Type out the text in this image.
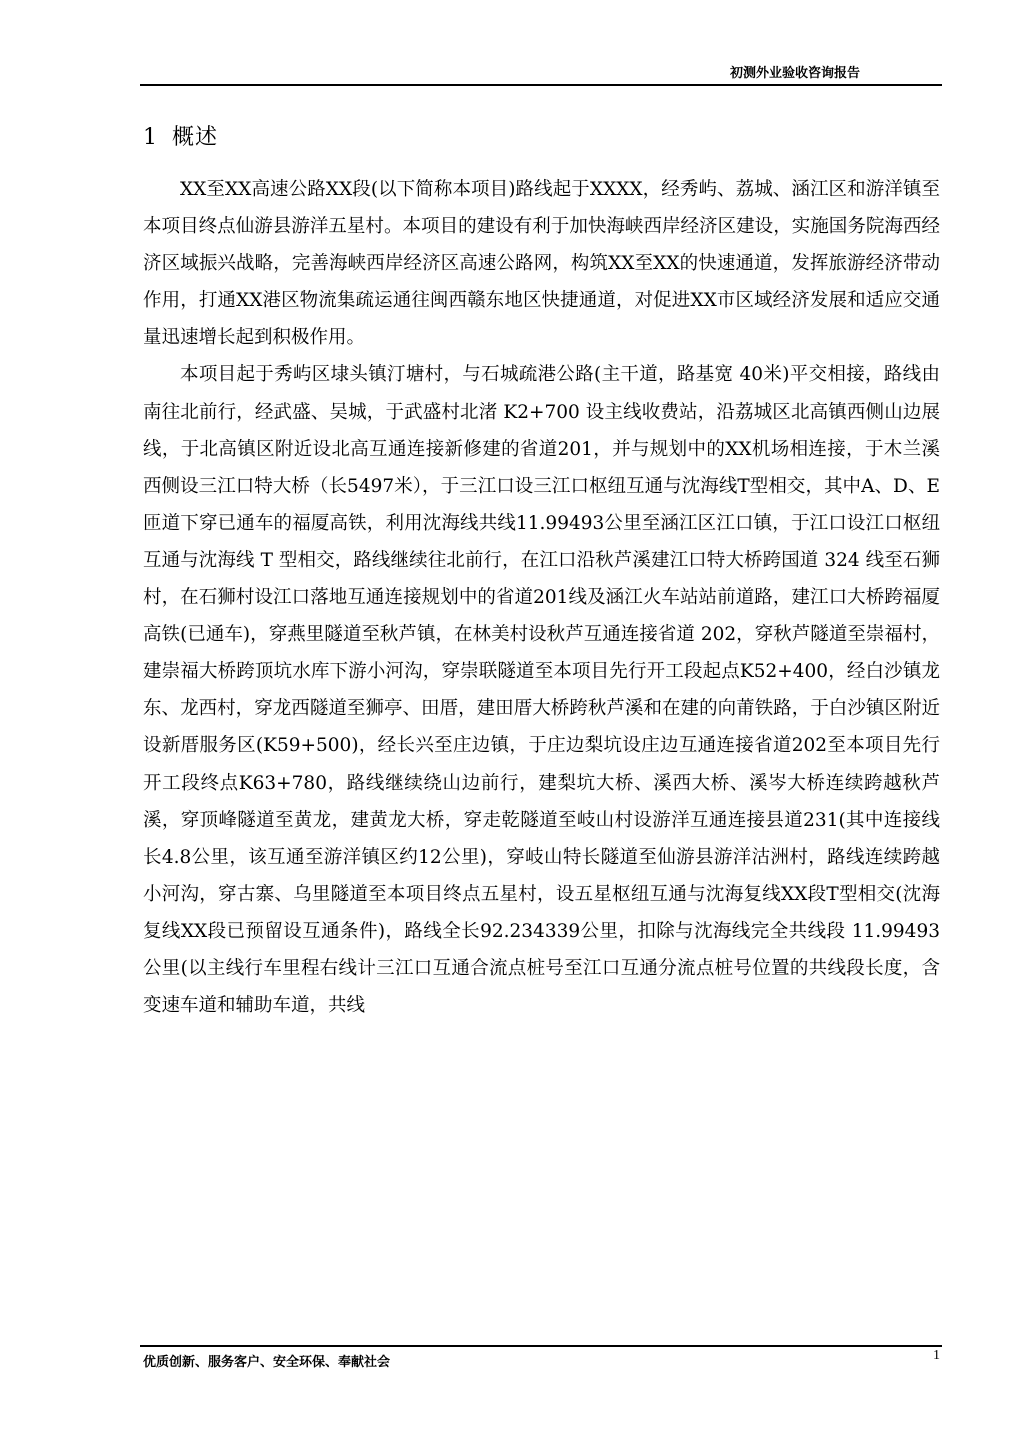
初测外业验收咨询报告
1 概述

XX至XX高速公路XX段(以下简称本项目)路线起于XXXX，经秀屿、荔城、涵江区和游洋镇至本项目终点仙游县游洋五星村。本项目的建设有利于加快海峡西岸经济区建设，实施国务院海西经济区域振兴战略，完善海峡西岸经济区高速公路网，构筑XX至XX的快速通道，发挥旅游经济带动作用，打通XX港区物流集疏运通往闽西赣东地区快捷通道，对促进XX市区域经济发展和适应交通量迅速增长起到积极作用。

本项目起于秀屿区埭头镇汀塘村，与石城疏港公路(主干道，路基宽 40米)平交相接，路线由南往北前行，经武盛、吴城，于武盛村北渚 K2+700 设主线收费站，沿荔城区北高镇西侧山边展线，于北高镇区附近设北高互通连接新修建的省道201，并与规划中的XX机场相连接，于木兰溪西侧设三江口特大桥（长5497米），于三江口设三江口枢纽互通与沈海线T型相交，其中A、D、E匝道下穿已通车的福厦高铁，利用沈海线共线11.99493公里至涵江区江口镇，于江口设江口枢纽互通与沈海线 T 型相交，路线继续往北前行，在江口沿秋芦溪建江口特大桥跨国道 324 线至石狮村，在石狮村设江口落地互通连接规划中的省道201线及涵江火车站站前道路，建江口大桥跨福厦高铁(已通车)，穿燕里隧道至秋芦镇，在林美村设秋芦互通连接省道 202，穿秋芦隧道至崇福村，建崇福大桥跨顶坑水库下游小河沟，穿崇联隧道至本项目先行开工段起点K52+400，经白沙镇龙东、龙西村，穿龙西隧道至狮亭、田厝，建田厝大桥跨秋芦溪和在建的向莆铁路，于白沙镇区附近设新厝服务区(K59+500)，经长兴至庄边镇，于庄边梨坑设庄边互通连接省道202至本项目先行开工段终点K63+780，路线继续绕山边前行，建梨坑大桥、溪西大桥、溪岑大桥连续跨越秋芦溪，穿顶峰隧道至黄龙，建黄龙大桥，穿走乾隧道至岐山村设游洋互通连接县道231(其中连接线长4.8公里，该互通至游洋镇区约12公里)，穿岐山特长隧道至仙游县游洋沽洲村，路线连续跨越小河沟，穿古寨、乌里隧道至本项目终点五星村，设五星枢纽互通与沈海复线XX段T型相交(沈海复线XX段已预留设互通条件)，路线全长92.234339公里，扣除与沈海线完全共线段 11.99493 公里(以主线行车里程右线计三江口互通合流点桩号至江口互通分流点桩号位置的共线段长度，含变速车道和辅助车道，共线

优质创新、服务客户、安全环保、奉献社会	1
